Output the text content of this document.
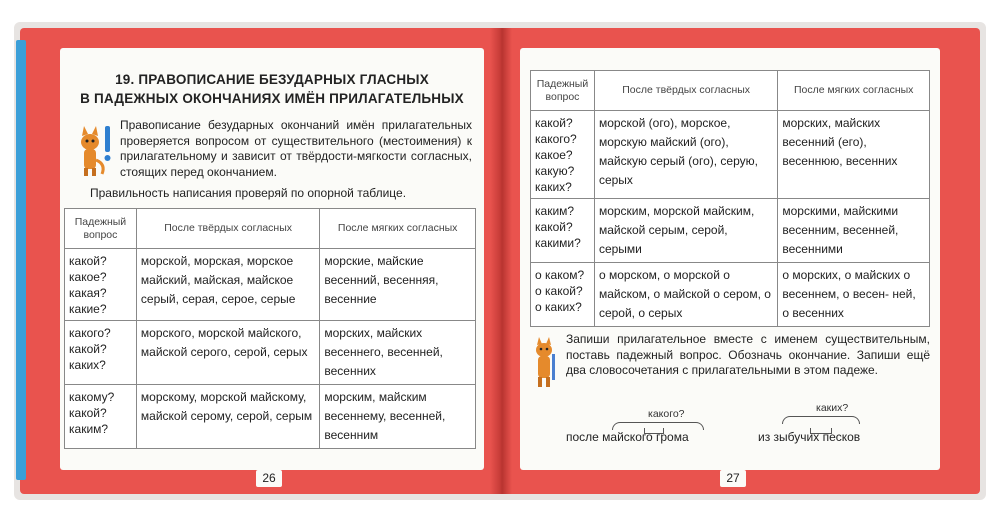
19. ПРАВОПИСАНИЕ БЕЗУДАРНЫХ ГЛАСНЫХ
В ПАДЕЖНЫХ ОКОНЧАНИЯХ ИМЁН ПРИЛАГАТЕЛЬНЫХ
Правописание безударных окончаний имён прилагательных проверяется вопросом от существительного (местоимения) к прилагательному и зависит от твёрдости-мягкости согласных, стоящих перед окончанием.
Правильность написания проверяй по опорной таблице.
Падежный вопрос	После твёрдых согласных	После мягких согласных

какой?
какое?
какая?
какие?	морской, морская, морское майский, майская, майское серый, серая, серое, серые	морские, майские весенний, весенняя, весенние

какого?
какой?
каких?	морского, морской майского, майской серого, серой, серых	морских, майских весеннего, весенней, весенних

какому?
какой?
каким?	морскому, морской майскому, майской серому, серой, серым	морским, майским весеннему, весенней, весенним
26
Падежный вопрос	После твёрдых согласных	После мягких согласных

какой?
какого?
какое?
какую?
каких?	морской (ого), морское, морскую майский (ого), майскую серый (ого), серую, серых	морских, майских весенний (его), весеннюю, весенних

каким?
какой?
какими?	морским, морской майским, майской серым, серой, серыми	морскими, майскими весенним, весенней, весенними

о каком?
о какой?
о каких?	о морском, о морской о майском, о майской о сером, о серой, о серых	о морских, о майских о весеннем, о весен- ней, о весенних
Запиши прилагательное вместе с именем существительным, поставь падежный вопрос. Обозначь окончание. Запиши ещё два словосочетания с прилагательными в этом падеже.
какого?
после майского грома
каких?
из зыбучих песков
27
